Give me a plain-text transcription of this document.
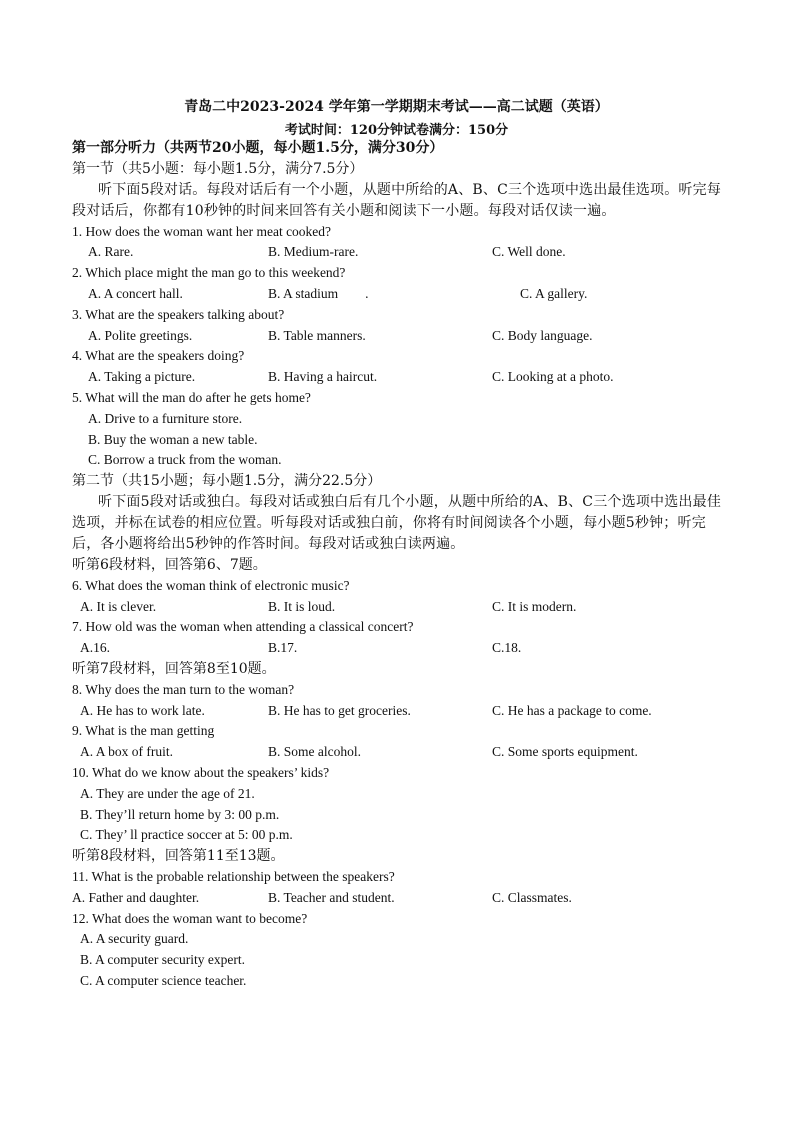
青岛二中2023-2024 学年第一学期期末考试——高二试题（英语）
考试时间：120分钟试卷满分：150分
第一部分听力（共两节20小题，每小题1.5分，满分30分）
第一节（共5小题：每小题1.5分，满分7.5分）
听下面5段对话。每段对话后有一个小题，从题中所给的A、B、C三个选项中选出最佳选项。听完每段对话后，你都有10秒钟的时间来回答有关小题和阅读下一小题。每段对话仅读一遍。
1. How does the woman want her meat cooked?
A. Rare.	B. Medium-rare.	C. Well done.
2. Which place might the man go to this weekend?
A. A concert hall.	B. A stadium        .	C. A gallery.
3. What are the speakers talking about?
A. Polite greetings.	B. Table manners.	C. Body language.
4. What are the speakers doing?
A. Taking a picture.	B. Having a haircut.	C. Looking at a photo.
5. What will the man do after he gets home?
A. Drive to a furniture store.
B. Buy the woman a new table.
C. Borrow a truck from the woman.
第二节（共15小题；每小题1.5分，满分22.5分）
听下面5段对话或独白。每段对话或独白后有几个小题，从题中所给的A、B、C三个选项中选出最佳选项，并标在试卷的相应位置。听每段对话或独白前，你将有时间阅读各个小题，每小题5秒钟；听完后，各小题将给出5秒钟的作答时间。每段对话或独白读两遍。
听第6段材料，回答第6、7题。
6. What does the woman think of electronic music?
A. It is clever.	B. It is loud.	C. It is modern.
7. How old was the woman when attending a classical concert?
A.16.	B.17.	C.18.
听第7段材料，回答第8至10题。
8. Why does the man turn to the woman?
A. He has to work late.	B. He has to get groceries.	C. He has a package to come.
9. What is the man getting
A. A box of fruit.	B. Some alcohol.	C. Some sports equipment.
10. What do we know about the speakers’ kids?
A. They are under the age of 21.
B. They’ll return home by 3: 00 p.m.
C. They’ ll practice soccer at 5: 00 p.m.
听第8段材料，回答第11至13题。
11. What is the probable relationship between the speakers?
A. Father and daughter.	B. Teacher and student.	C. Classmates.
12. What does the woman want to become?
A. A security guard.
B. A computer security expert.
C. A computer science teacher.
